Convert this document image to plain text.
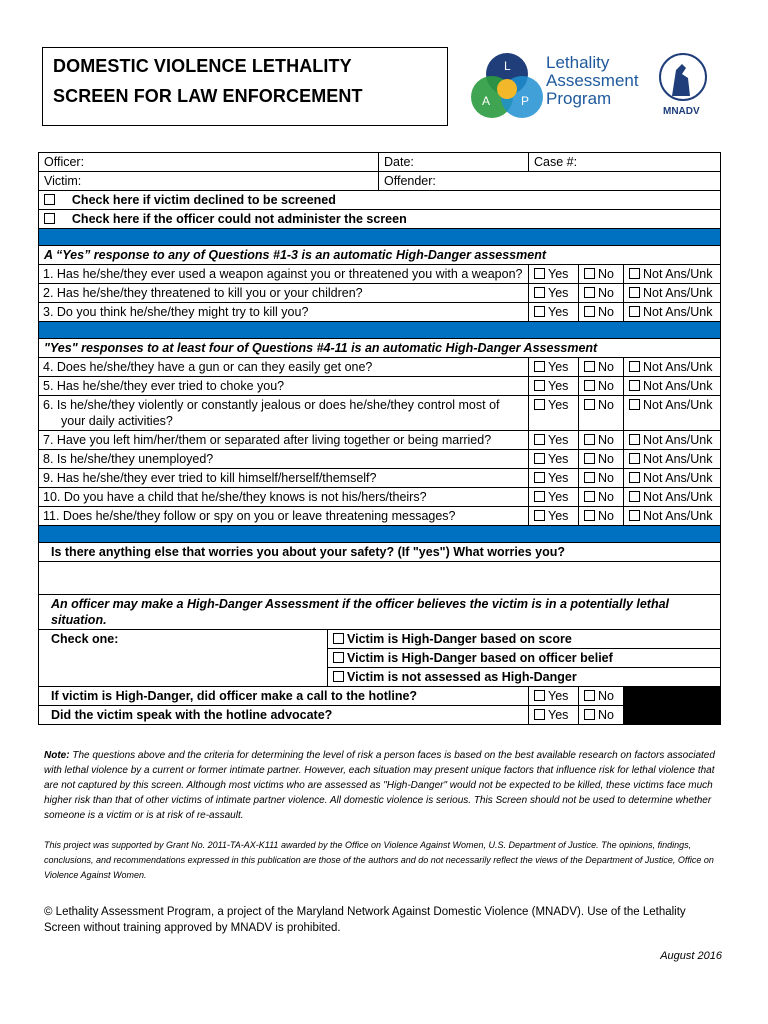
DOMESTIC VIOLENCE LETHALITY
SCREEN FOR LAW ENFORCEMENT
L
A	P
Lethality
Assessment
Program
MNADV
Officer:		Date:	Case #:		
Victim:		Offender:			
Check here if victim declined to be screened					
Check here if the officer could not administer the screen					

A “Yes” response to any of Questions #1-3 is an automatic High-Danger assessment					
1. Has he/she/they ever used a weapon against you or threatened you with a weapon?			Yes	No	Not Ans/Unk
2. Has he/she/they threatened to kill you or your children?			Yes	No	Not Ans/Unk
3. Do you think he/she/they might try to kill you?			Yes	No	Not Ans/Unk

"Yes" responses to at least four of Questions #4-11 is an automatic High-Danger Assessment					
4. Does he/she/they have a gun or can they easily get one?			Yes	No	Not Ans/Unk
5. Has he/she/they ever tried to choke you?			Yes	No	Not Ans/Unk
6. Is he/she/they violently or constantly jealous or does he/she/they control most of your daily activities?			Yes	No	Not Ans/Unk
7. Have you left him/her/them or separated after living together or being married?			Yes	No	Not Ans/Unk
8. Is he/she/they unemployed?			Yes	No	Not Ans/Unk
9. Has he/she/they ever tried to kill himself/herself/themself?			Yes	No	Not Ans/Unk
10. Do you have a child that he/she/they knows is not his/hers/theirs?			Yes	No	Not Ans/Unk
11. Does he/she/they follow or spy on you or leave threatening messages?			Yes	No	Not Ans/Unk

Is there anything else that worries you about your safety? (If "yes") What worries you?					

An officer may make a High-Danger Assessment if the officer believes the victim is in a potentially lethal situation.					
Check one:	Victim is High-Danger based on score				
	Victim is High-Danger based on officer belief				
	Victim is not assessed as High-Danger				
If victim is High-Danger, did officer make a call to the hotline?			Yes	No	
Did the victim speak with the hotline advocate?			Yes	No	
Note: The questions above and the criteria for determining the level of risk a person faces is based on the best available research on factors associated with lethal violence by a current or former intimate partner. However, each situation may present unique factors that influence risk for lethal violence that are not captured by this screen. Although most victims who are assessed as "High-Danger" would not be expected to be killed, these victims face much higher risk than that of other victims of intimate partner violence. All domestic violence is serious. This Screen should not be used to determine whether someone is a victim or is at risk of re-assault.
This project was supported by Grant No. 2011-TA-AX-K111 awarded by the Office on Violence Against Women, U.S. Department of Justice. The opinions, findings, conclusions, and recommendations expressed in this publication are those of the authors and do not necessarily reflect the views of the Department of Justice, Office on Violence Against Women.
© Lethality Assessment Program, a project of the Maryland Network Against Domestic Violence (MNADV). Use of the Lethality Screen without training approved by MNADV is prohibited.
August 2016
